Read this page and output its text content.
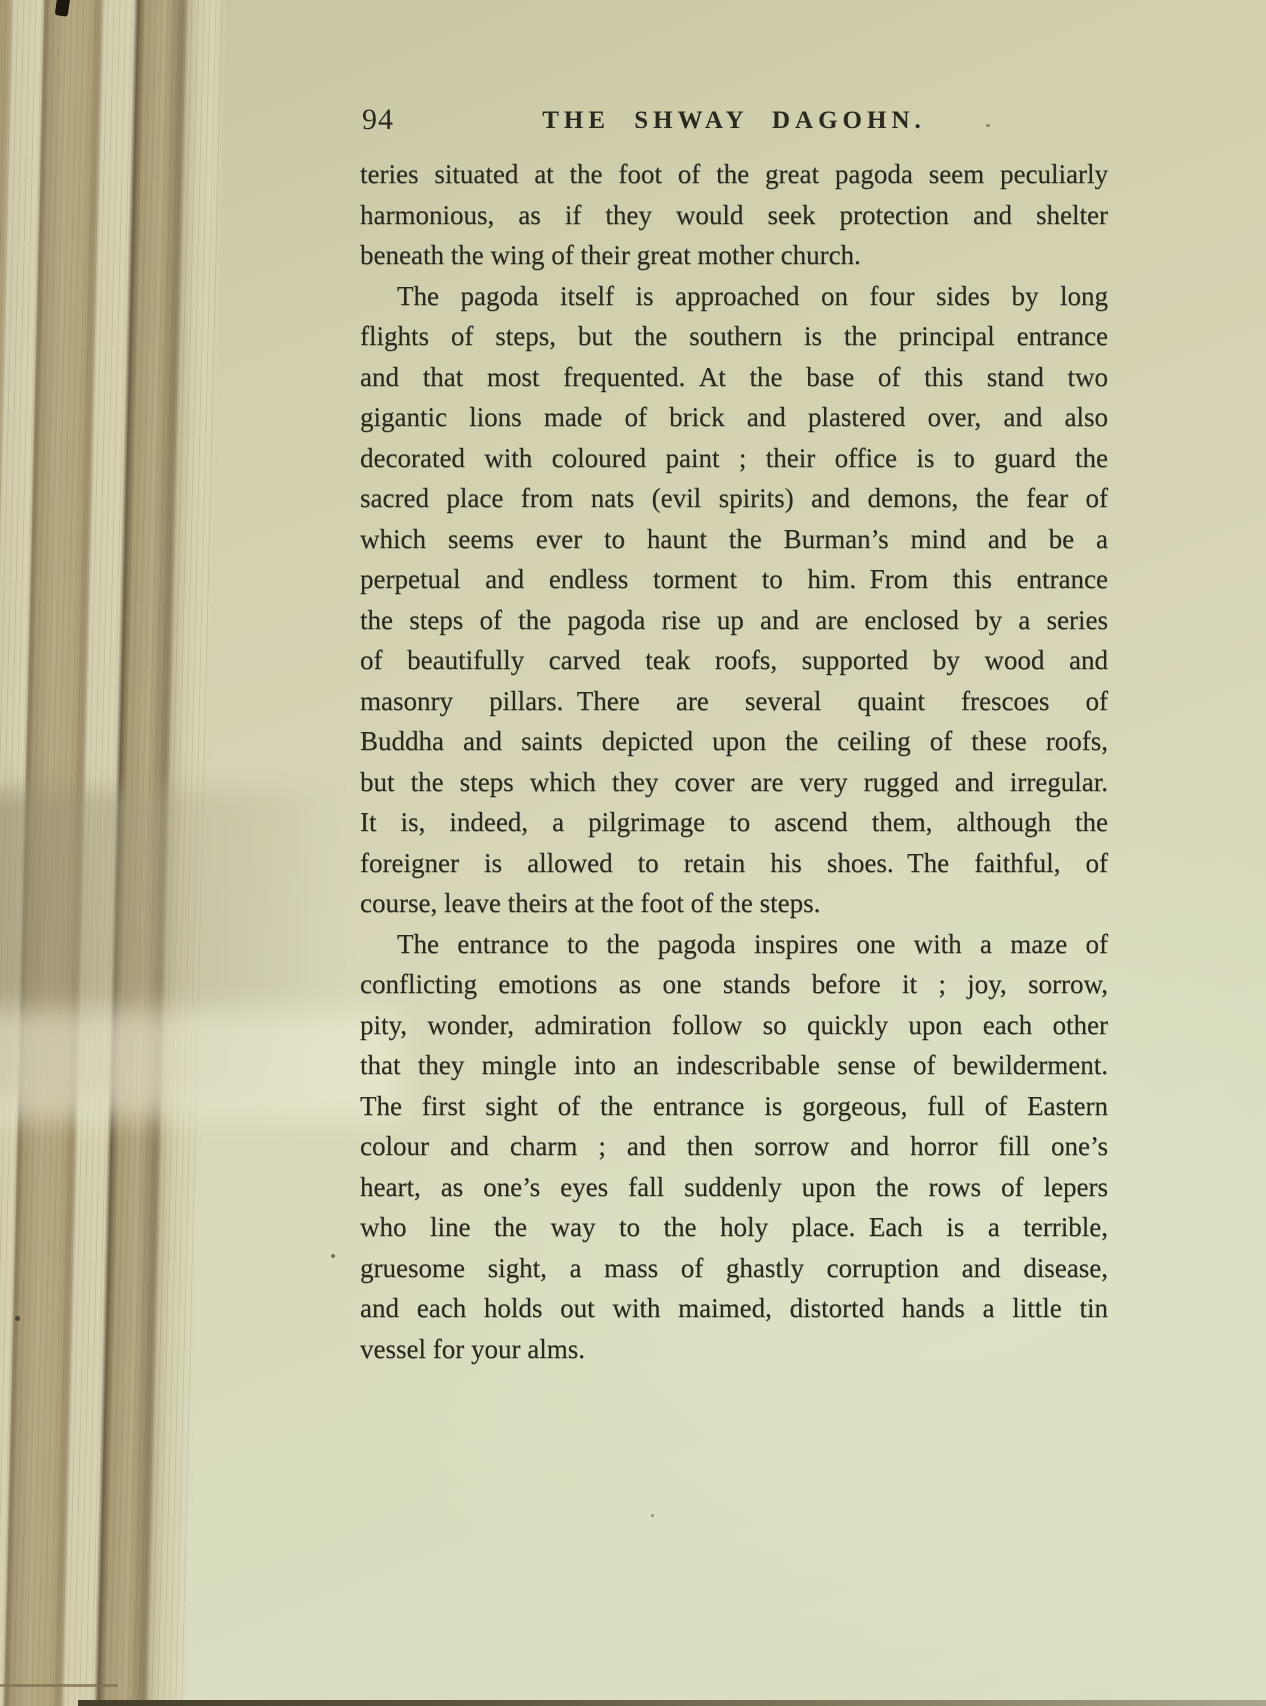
94	THE SHWAY DAGOHN.
teries situated at the foot of the great pagoda seem peculiarly
harmonious, as if they would seek protection and shelter
beneath the wing of their great mother church.
The pagoda itself is approached on four sides by long
flights of steps, but the southern is the principal entrance
and that most frequented. At the base of this stand two
gigantic lions made of brick and plastered over, and also
decorated with coloured paint ; their office is to guard the
sacred place from nats (evil spirits) and demons, the fear of
which seems ever to haunt the Burman’s mind and be a
perpetual and endless torment to him. From this entrance
the steps of the pagoda rise up and are enclosed by a series
of beautifully carved teak roofs, supported by wood and
masonry pillars. There are several quaint frescoes of
Buddha and saints depicted upon the ceiling of these roofs,
but the steps which they cover are very rugged and irregular.
It is, indeed, a pilgrimage to ascend them, although the
foreigner is allowed to retain his shoes. The faithful, of
course, leave theirs at the foot of the steps.
The entrance to the pagoda inspires one with a maze of
conflicting emotions as one stands before it ; joy, sorrow,
pity, wonder, admiration follow so quickly upon each other
that they mingle into an indescribable sense of bewilderment.
The first sight of the entrance is gorgeous, full of Eastern
colour and charm ; and then sorrow and horror fill one’s
heart, as one’s eyes fall suddenly upon the rows of lepers
who line the way to the holy place. Each is a terrible,
gruesome sight, a mass of ghastly corruption and disease,
and each holds out with maimed, distorted hands a little tin
vessel for your alms.
